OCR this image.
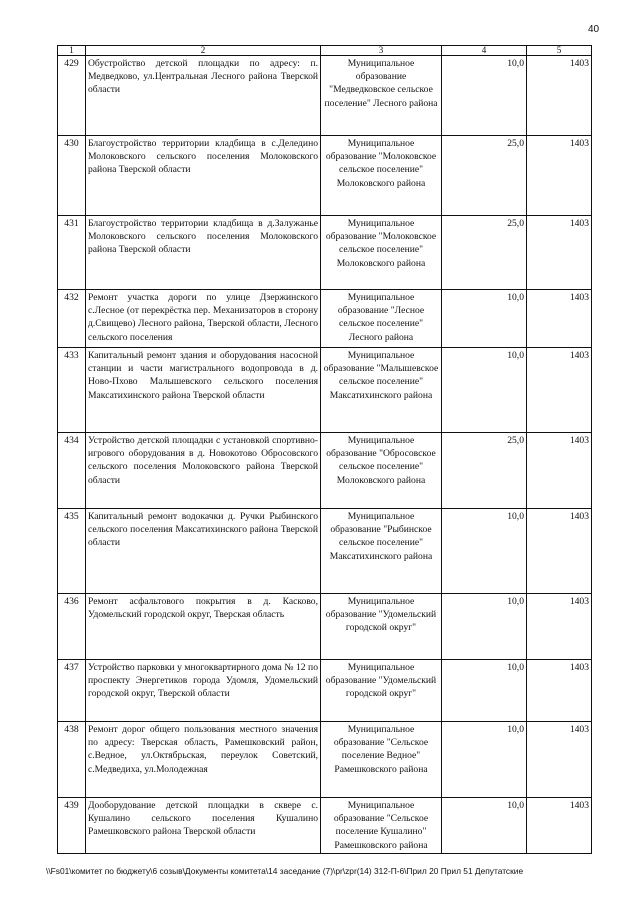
40
1	2	3	4	5
429	Обустройство детской площадки по адресу: п. Медведково, ул.Центральная Лесного района Тверской области	Муниципальное образование "Медведковское сельское поселение" Лесного района	10,0	1403
430	Благоустройство территории кладбища в с.Деледино Молоковского сельского поселения Молоковского района Тверской области	Муниципальное образование "Молоковское сельское поселение" Молоковского района	25,0	1403
431	Благоустройство территории кладбища в д.Залужанье Молоковского сельского поселения Молоковского района Тверской области	Муниципальное образование "Молоковское сельское поселение" Молоковского района	25,0	1403
432	Ремонт участка дороги по улице Дзержинского с.Лесное (от перекрёстка пер. Механизаторов в сторону д.Свищево) Лесного района, Тверской области, Лесного сельского поселения	Муниципальное образование "Лесное сельское поселение" Лесного района	10,0	1403
433	Капитальный ремонт здания и оборудования насосной станции и части магистрального водопровода в д. Ново-Пхово Малышевского сельского поселения Максатихинского района Тверской области	Муниципальное образование "Малышевское сельское поселение" Максатихинского района	10,0	1403
434	Устройство детской площадки с установкой спортивно-игрового оборудования в д. Новокотово Обросовского сельского поселения Молоковского района Тверской области	Муниципальное образование "Обросовское сельское поселение" Молоковского района	25,0	1403
435	Капитальный ремонт водокачки д. Ручки Рыбинского сельского поселения Максатихинского района Тверской области	Муниципальное образование "Рыбинское сельское поселение" Максатихинского района	10,0	1403
436	Ремонт асфальтового покрытия в д. Касково, Удомельский городской округ, Тверская область	Муниципальное образование "Удомельский городской округ"	10,0	1403
437	Устройство парковки у многоквартирного дома № 12 по проспекту Энергетиков города Удомля, Удомельский городской округ, Тверской области	Муниципальное образование "Удомельский городской округ"	10,0	1403
438	Ремонт дорог общего пользования местного значения по адресу: Тверская область, Рамешковский район, с.Ведное, ул.Октябрьская, переулок Советский, с.Медведиха, ул.Молодежная	Муниципальное образование "Сельское поселение Ведное" Рамешковского района	10,0	1403
439	Дооборудование детской площадки в сквере с. Кушалино сельского поселения Кушалино Рамешковского района Тверской области	Муниципальное образование "Сельское поселение Кушалино" Рамешковского района	10,0	1403
\\Fs01\комитет по бюджету\6 созыв\Документы комитета\14 заседание (7)\pr\zpr(14) 312-П-6\Прил 20 Прил 51 Депутатские
